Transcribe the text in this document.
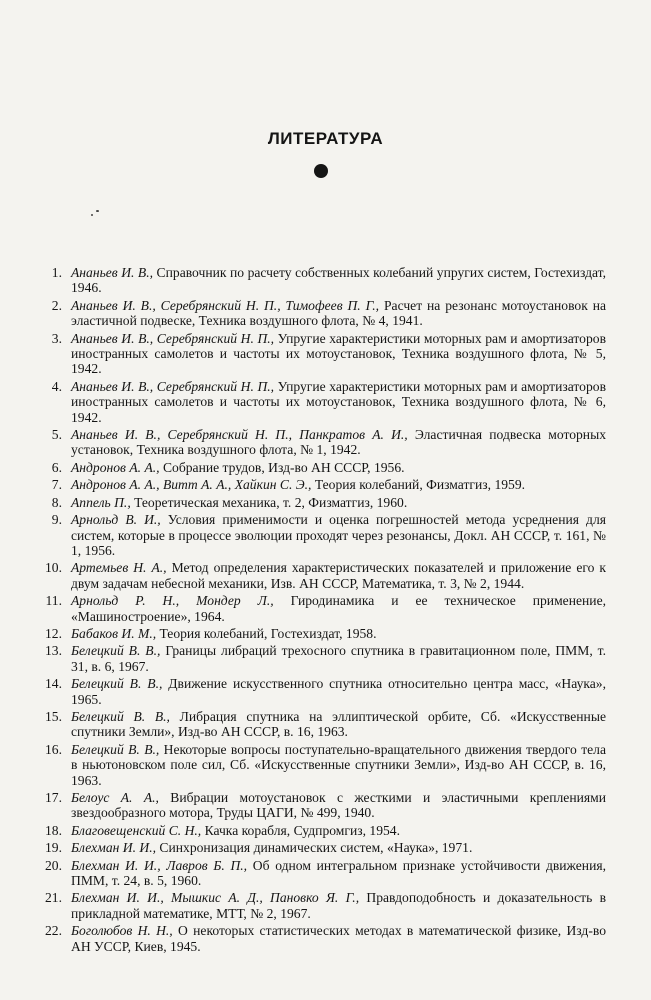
ЛИТЕРАТУРА
1. Ананьев И. В., Справочник по расчету собственных колебаний упругих систем, Гостехиздат, 1946.
2. Ананьев И. В., Серебрянский Н. П., Тимофеев П. Г., Расчет на резонанс мотоустановок на эластичной подвеске, Техника воздушного флота, № 4, 1941.
3. Ананьев И. В., Серебрянский Н. П., Упругие характеристики моторных рам и амортизаторов иностранных самолетов и частоты их мотоустановок, Техника воздушного флота, № 5, 1942.
4. Ананьев И. В., Серебрянский Н. П., Упругие характеристики моторных рам и амортизаторов иностранных самолетов и частоты их мотоустановок, Техника воздушного флота, № 6, 1942.
5. Ананьев И. В., Серебрянский Н. П., Панкратов А. И., Эластичная подвеска моторных установок, Техника воздушного флота, № 1, 1942.
6. Андронов А. А., Собрание трудов, Изд-во АН СССР, 1956.
7. Андронов А. А., Витт А. А., Хайкин С. Э., Теория колебаний, Физматгиз, 1959.
8. Аппель П., Теоретическая механика, т. 2, Физматгиз, 1960.
9. Арнольд В. И., Условия применимости и оценка погрешностей метода усреднения для систем, которые в процессе эволюции проходят через резонансы, Докл. АН СССР, т. 161, № 1, 1956.
10. Артемьев Н. А., Метод определения характеристических показателей и приложение его к двум задачам небесной механики, Изв. АН СССР, Математика, т. 3, № 2, 1944.
11. Арнольд Р. Н., Мондер Л., Гиродинамика и ее техническое применение, «Машиностроение», 1964.
12. Бабаков И. М., Теория колебаний, Гостехиздат, 1958.
13. Белецкий В. В., Границы либраций трехосного спутника в гравитационном поле, ПММ, т. 31, в. 6, 1967.
14. Белецкий В. В., Движение искусственного спутника относительно центра масс, «Наука», 1965.
15. Белецкий В. В., Либрация спутника на эллиптической орбите, Сб. «Искусственные спутники Земли», Изд-во АН СССР, в. 16, 1963.
16. Белецкий В. В., Некоторые вопросы поступательно-вращательного движения твердого тела в ньютоновском поле сил, Сб. «Искусственные спутники Земли», Изд-во АН СССР, в. 16, 1963.
17. Белоус А. А., Вибрации мотоустановок с жесткими и эластичными креплениями звездообразного мотора, Труды ЦАГИ, № 499, 1940.
18. Благовещенский С. Н., Качка корабля, Судпромгиз, 1954.
19. Блехман И. И., Синхронизация динамических систем, «Наука», 1971.
20. Блехман И. И., Лавров Б. П., Об одном интегральном признаке устойчивости движения, ПММ, т. 24, в. 5, 1960.
21. Блехман И. И., Мышкис А. Д., Пановко Я. Г., Правдоподобность и доказательность в прикладной математике, МТТ, № 2, 1967.
22. Боголюбов Н. Н., О некоторых статистических методах в математической физике, Изд-во АН УССР, Киев, 1945.
